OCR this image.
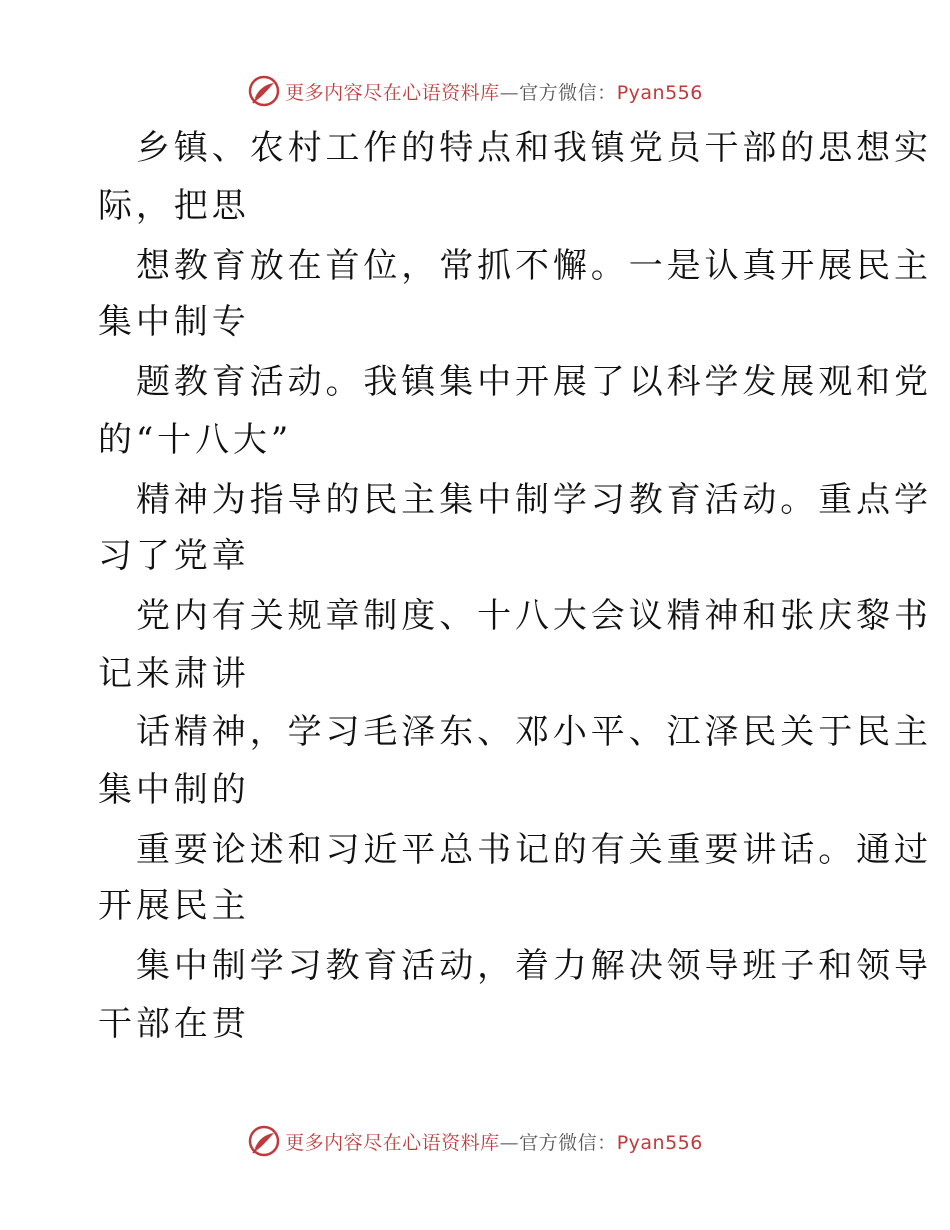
更多内容尽在心语资料库—官方微信：Pyan556
乡镇、农村工作的特点和我镇党员干部的思想实
际，把思
想教育放在首位，常抓不懈。一是认真开展民主
集中制专
题教育活动。我镇集中开展了以科学发展观和党
的“十八大”
精神为指导的民主集中制学习教育活动。重点学
习了党章
党内有关规章制度、十八大会议精神和张庆黎书
记来肃讲
话精神，学习毛泽东、邓小平、江泽民关于民主
集中制的
重要论述和习近平总书记的有关重要讲话。通过
开展民主
集中制学习教育活动，着力解决领导班子和领导
干部在贯
更多内容尽在心语资料库—官方微信：Pyan556
